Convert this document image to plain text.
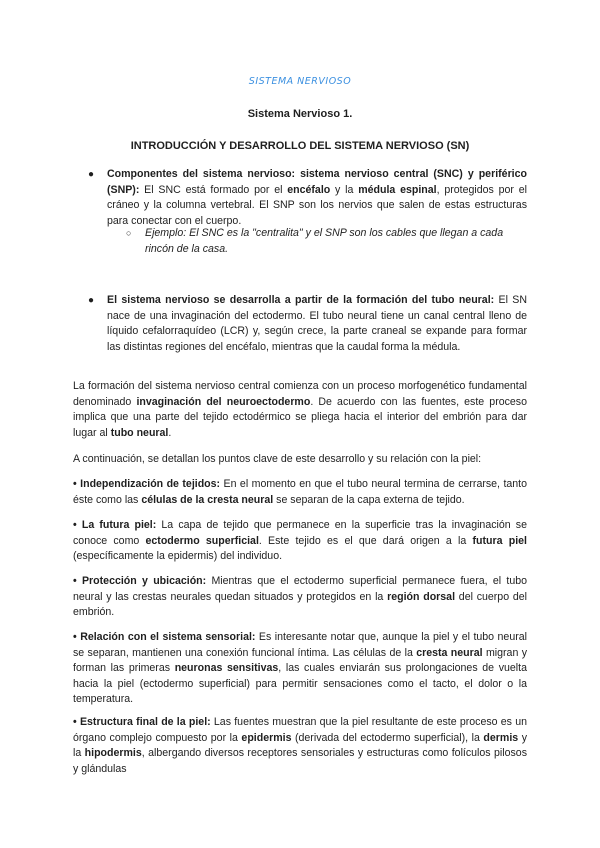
SISTEMA NERVIOSO
Sistema Nervioso 1.
INTRODUCCIÓN Y DESARROLLO DEL SISTEMA NERVIOSO (SN)
● Componentes del sistema nervioso: sistema nervioso central (SNC) y periférico (SNP): El SNC está formado por el encéfalo y la médula espinal, protegidos por el cráneo y la columna vertebral. El SNP son los nervios que salen de estas estructuras para conectar con el cuerpo.
○ Ejemplo: El SNC es la "centralita" y el SNP son los cables que llegan a cada rincón de la casa.
● El sistema nervioso se desarrolla a partir de la formación del tubo neural: El SN nace de una invaginación del ectodermo. El tubo neural tiene un canal central lleno de líquido cefalorraquídeo (LCR) y, según crece, la parte craneal se expande para formar las distintas regiones del encéfalo, mientras que la caudal forma la médula.
La formación del sistema nervioso central comienza con un proceso morfogenético fundamental denominado invaginación del neuroectodermo. De acuerdo con las fuentes, este proceso implica que una parte del tejido ectodérmico se pliega hacia el interior del embrión para dar lugar al tubo neural.
A continuación, se detallan los puntos clave de este desarrollo y su relación con la piel:
• Independización de tejidos: En el momento en que el tubo neural termina de cerrarse, tanto éste como las células de la cresta neural se separan de la capa externa de tejido.
• La futura piel: La capa de tejido que permanece en la superficie tras la invaginación se conoce como ectodermo superficial. Este tejido es el que dará origen a la futura piel (específicamente la epidermis) del individuo.
• Protección y ubicación: Mientras que el ectodermo superficial permanece fuera, el tubo neural y las crestas neurales quedan situados y protegidos en la región dorsal del cuerpo del embrión.
• Relación con el sistema sensorial: Es interesante notar que, aunque la piel y el tubo neural se separan, mantienen una conexión funcional íntima. Las células de la cresta neural migran y forman las primeras neuronas sensitivas, las cuales enviarán sus prolongaciones de vuelta hacia la piel (ectodermo superficial) para permitir sensaciones como el tacto, el dolor o la temperatura.
• Estructura final de la piel: Las fuentes muestran que la piel resultante de este proceso es un órgano complejo compuesto por la epidermis (derivada del ectodermo superficial), la dermis y la hipodermis, albergando diversos receptores sensoriales y estructuras como folículos pilosos y glándulas
